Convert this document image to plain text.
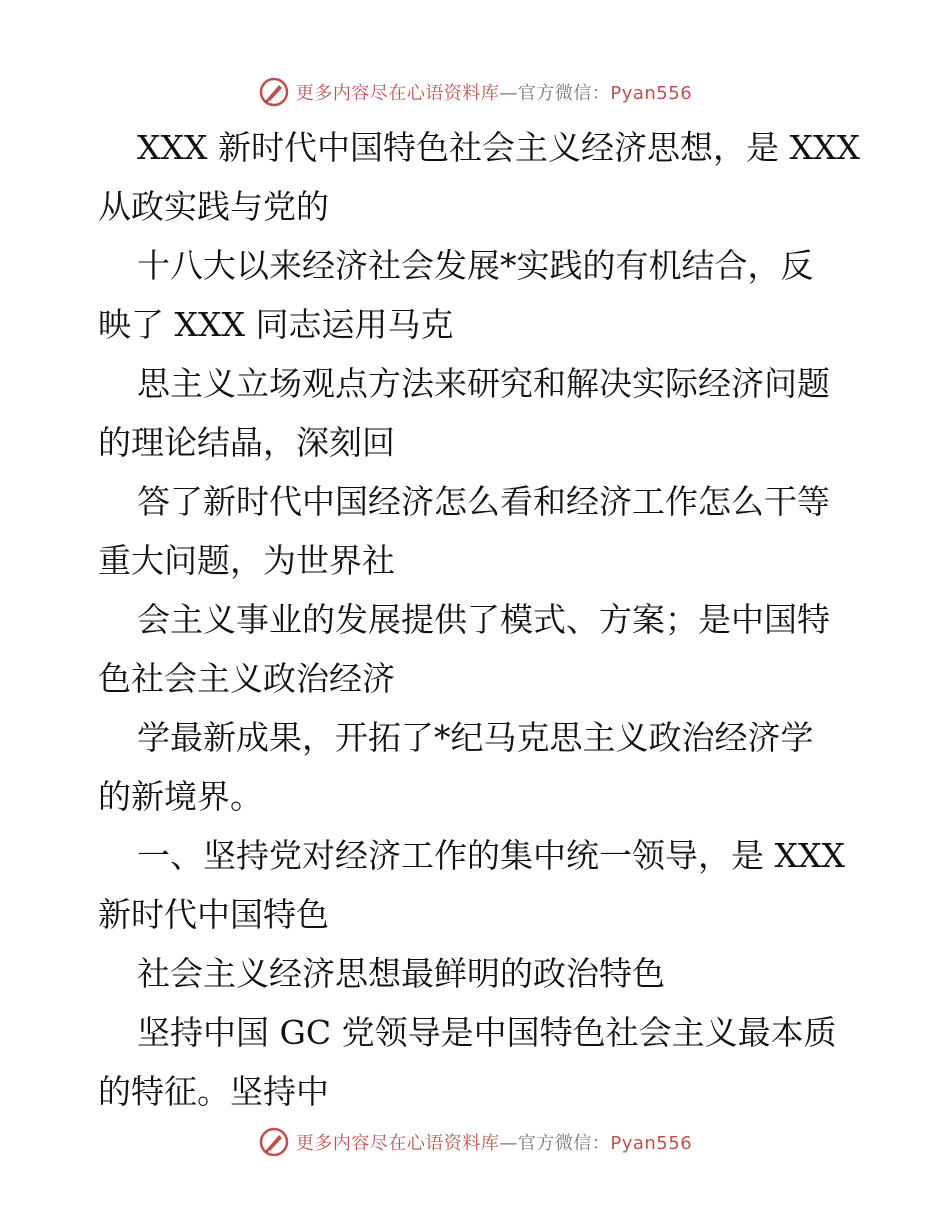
更多内容尽在心语资料库—官方微信：Pyan556
XXX 新时代中国特色社会主义经济思想，是 XXX
从政实践与党的
十八大以来经济社会发展*实践的有机结合，反
映了 XXX 同志运用马克
思主义立场观点方法来研究和解决实际经济问题
的理论结晶，深刻回
答了新时代中国经济怎么看和经济工作怎么干等
重大问题，为世界社
会主义事业的发展提供了模式、方案；是中国特
色社会主义政治经济
学最新成果，开拓了*纪马克思主义政治经济学
的新境界。
一、坚持党对经济工作的集中统一领导，是 XXX
新时代中国特色
社会主义经济思想最鲜明的政治特色
坚持中国 GC 党领导是中国特色社会主义最本质
的特征。坚持中
更多内容尽在心语资料库—官方微信：Pyan556
